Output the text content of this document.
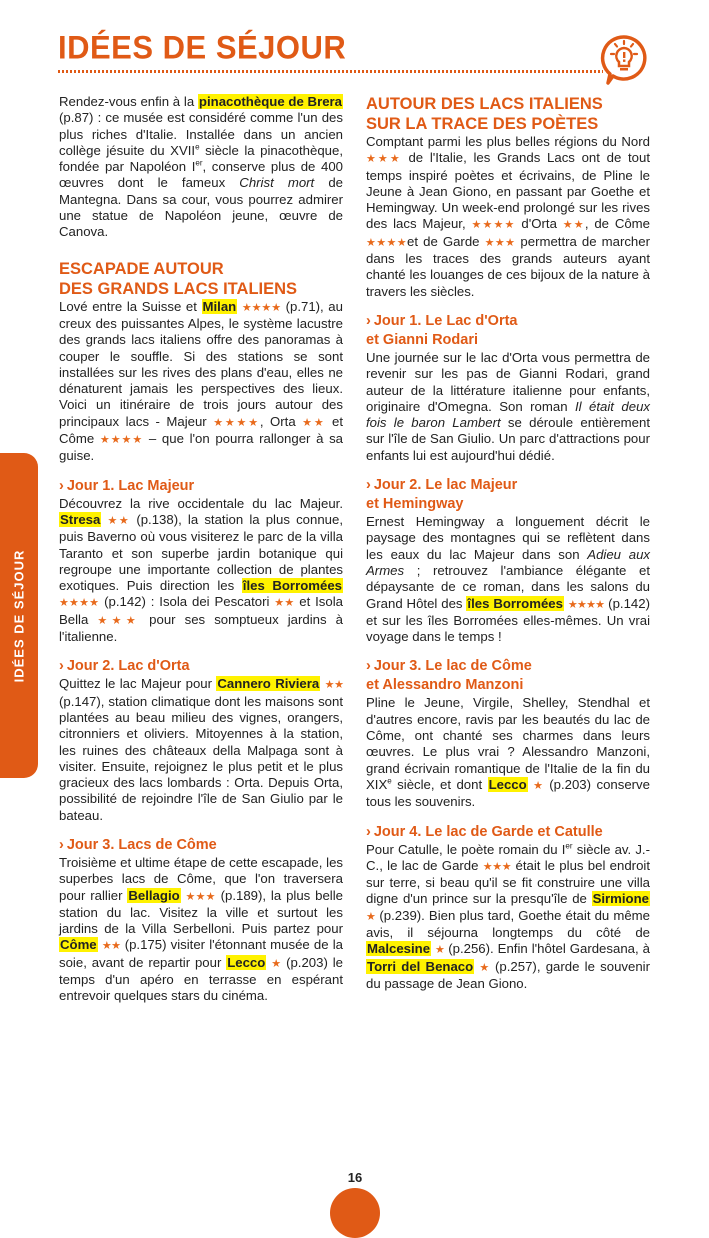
IDÉES DE SÉJOUR
IDÉES DE SÉJOUR

Rendez-vous enfin à la pinacothèque de Brera (p.87) : ce musée est considéré comme l'un des plus riches d'Italie. Installée dans un ancien collège jésuite du XVIIe siècle la pinacothèque, fondée par Napoléon Ier, conserve plus de 400 œuvres dont le fameux Christ mort de Mantegna. Dans sa cour, vous pourrez admirer une statue de Napoléon jeune, œuvre de Canova.

ESCAPADE AUTOUR
DES GRANDS LACS ITALIENS

Lové entre la Suisse et Milan ★★★★ (p.71), au creux des puissantes Alpes, le système lacustre des grands lacs italiens offre des panoramas à couper le souffle. Si des stations se sont installées sur les rives des plans d'eau, elles ne dénaturent jamais les perspectives des lieux. Voici un itinéraire de trois jours autour des principaux lacs - Majeur ★★★★, Orta ★★ et Côme ★★★★ – que l'on pourra rallonger à sa guise.

› Jour 1. Lac Majeur

Découvrez la rive occidentale du lac Majeur. Stresa ★★ (p.138), la station la plus connue, puis Baverno où vous visiterez le parc de la villa Taranto et son superbe jardin botanique qui regroupe une importante collection de plantes exotiques. Puis direction les îles Borromées ★★★★ (p.142) : Isola dei Pescatori ★★ et Isola Bella ★★★ pour ses somptueux jardins à l'italienne.

› Jour 2. Lac d'Orta

Quittez le lac Majeur pour Cannero Riviera ★★ (p.147), station climatique dont les maisons sont plantées au beau milieu des vignes, orangers, citronniers et oliviers. Mitoyennes à la station, les ruines des châteaux della Malpaga sont à visiter. Ensuite, rejoignez le plus petit et le plus gracieux des lacs lombards : Orta. Depuis Orta, possibilité de rejoindre l'île de San Giulio par le bateau.

› Jour 3. Lacs de Côme

Troisième et ultime étape de cette escapade, les superbes lacs de Côme, que l'on traversera pour rallier Bellagio ★★★ (p.189), la plus belle station du lac. Visitez la ville et surtout les jardins de la Villa Serbelloni. Puis partez pour Côme ★★ (p.175) visiter l'étonnant musée de la soie, avant de repartir pour Lecco ★ (p.203) le temps d'un apéro en terrasse en espérant entrevoir quelques stars du cinéma.

AUTOUR DES LACS ITALIENS
SUR LA TRACE DES POÈTES

Comptant parmi les plus belles régions du Nord ★★★ de l'Italie, les Grands Lacs ont de tout temps inspiré poètes et écrivains, de Pline le Jeune à Jean Giono, en passant par Goethe et Hemingway. Un week-end prolongé sur les rives des lacs Majeur, ★★★★ d'Orta ★★, de Côme ★★★★et de Garde ★★★ permettra de marcher dans les traces des grands auteurs ayant chanté les louanges de ces bijoux de la nature à travers les siècles.

› Jour 1. Le Lac d'Orta
et Gianni Rodari

Une journée sur le lac d'Orta vous permettra de revenir sur les pas de Gianni Rodari, grand auteur de la littérature italienne pour enfants, originaire d'Omegna. Son roman Il était deux fois le baron Lambert se déroule entièrement sur l'île de San Giulio. Un parc d'attractions pour enfants lui est aujourd'hui dédié.

› Jour 2. Le lac Majeur
et Hemingway

Ernest Hemingway a longuement décrit le paysage des montagnes qui se reflètent dans les eaux du lac Majeur dans son Adieu aux Armes ; retrouvez l'ambiance élégante et dépaysante de ce roman, dans les salons du Grand Hôtel des îles Borromées ★★★★ (p.142) et sur les îles Borromées elles-mêmes. Un vrai voyage dans le temps !

› Jour 3. Le lac de Côme
et Alessandro Manzoni

Pline le Jeune, Virgile, Shelley, Stendhal et d'autres encore, ravis par les beautés du lac de Côme, ont chanté ses charmes dans leurs œuvres. Le plus vrai ? Alessandro Manzoni, grand écrivain romantique de l'Italie de la fin du XIXe siècle, et dont Lecco ★ (p.203) conserve tous les souvenirs.

› Jour 4. Le lac de Garde et Catulle

Pour Catulle, le poète romain du Ier siècle av. J.-C., le lac de Garde ★★★ était le plus bel endroit sur terre, si beau qu'il se fit construire une villa digne d'un prince sur la presqu'île de Sirmione ★ (p.239). Bien plus tard, Goethe était du même avis, il séjourna longtemps du côté de Malcesine ★ (p.256). Enfin l'hôtel Gardesana, à Torri del Benaco ★ (p.257), garde le souvenir du passage de Jean Giono.

16
